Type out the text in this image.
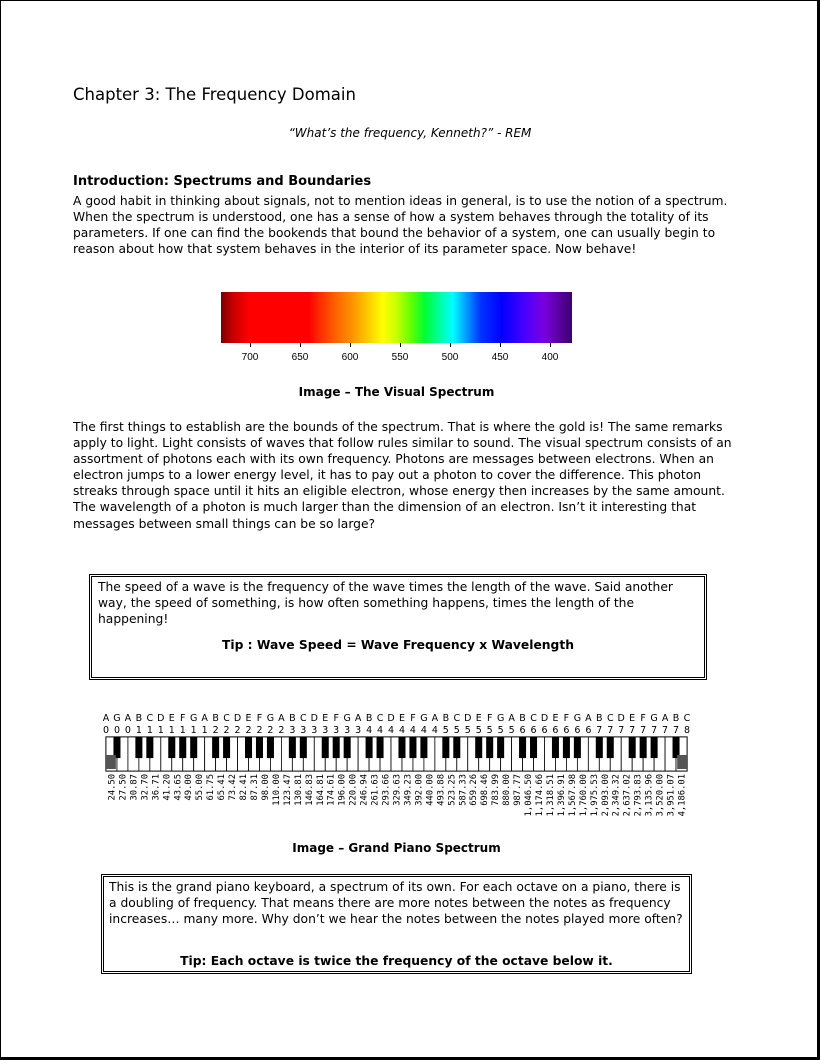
Chapter 3: The Frequency Domain
“What’s the frequency, Kenneth?” - REM
Introduction: Spectrums and Boundaries
A good habit in thinking about signals, not to mention ideas in general, is to use the notion of a spectrum. When the spectrum is understood, one has a sense of how a system behaves through the totality of its parameters. If one can find the bookends that bound the behavior of a system, one can usually begin to reason about how that system behaves in the interior of its parameter space. Now behave!
700	650	600	550	500	450	400
Image – The Visual Spectrum
The first things to establish are the bounds of the spectrum. That is where the gold is! The same remarks apply to light. Light consists of waves that follow rules similar to sound. The visual spectrum consists of an assortment of photons each with its own frequency. Photons are messages between electrons. When an electron jumps to a lower energy level, it has to pay out a photon to cover the difference. This photon streaks through space until it hits an eligible electron, whose energy then increases by the same amount. The wavelength of a photon is much larger than the dimension of an electron. Isn’t it interesting that messages between small things can be so large?
The speed of a wave is the frequency of the wave times the length of the wave. Said another way, the speed of something, is how often something happens, times the length of the happening!
Tip : Wave Speed = Wave Frequency x Wavelength
A
0
G
0
A
0
B
1
C
1
D
1
E
1
F
1
G
1
A
1
B
2
C
2
D
2
E
2
F
2
G
2
A
2
B
3
C
3
D
3
E
3
F
3
G
3
A
3
B
4
C
4
D
4
E
4
F
4
G
4
A
4
B
5
C
5
D
5
E
5
F
5
G
5
A
5
B
6
C
6
D
6
E
6
F
6
G
6
A
6
B
7
C
7
D
7
E
7
F
7
G
7
A
7
B
7
C
8
24.50 27.50 30.87 32.70 36.71 41.20 43.65 49.00 55.00 61.75 65.41 73.42 82.41 87.31 98.00 110.00 123.47 130.81 146.83 164.81 174.61 196.00 220.00 246.94 261.63 293.66 329.63 349.23 392.00 440.00 493.88 523.25 587.33 659.26 698.46 783.99 880.00 987.77 1,046.50 1,174.66 1,318.51 1,396.91 1,567.98 1,760.00 1,975.53 2,093.00 2,349.32 2,637.02 2,793.83 3,135.96 3,520.00 3,951.07 4,186.01
Image – Grand Piano Spectrum
This is the grand piano keyboard, a spectrum of its own. For each octave on a piano, there is a doubling of frequency. That means there are more notes between the notes as frequency increases… many more. Why don’t we hear the notes between the notes played more often?
Tip: Each octave is twice the frequency of the octave below it.
